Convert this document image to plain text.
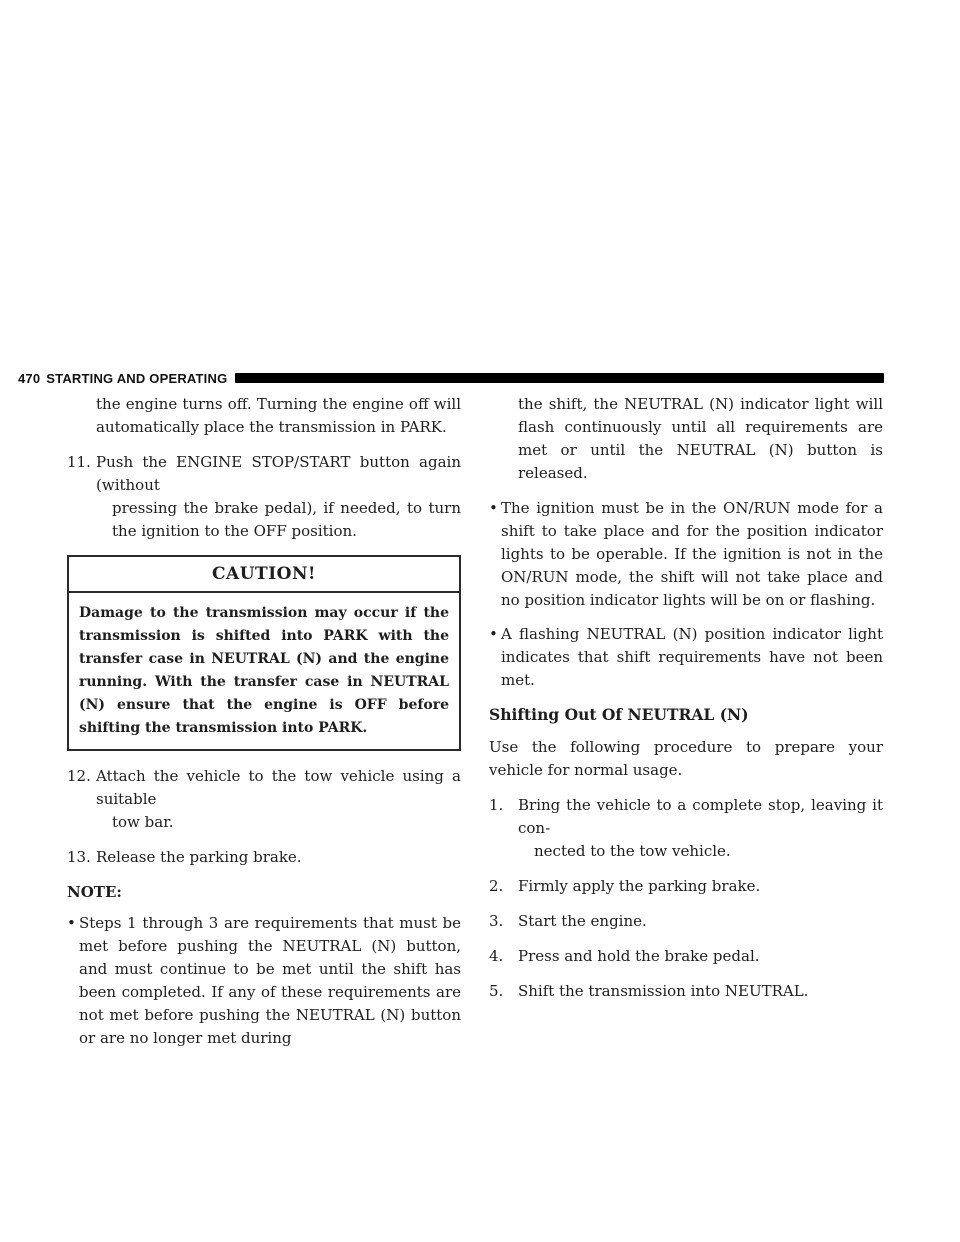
470 STARTING AND OPERATING
the engine turns off. Turning the engine off will automatically place the transmission in PARK.
11. Push the ENGINE STOP/START button again (without
pressing the brake pedal), if needed, to turn the ignition to the OFF position.
CAUTION!
Damage to the transmission may occur if the transmission is shifted into PARK with the transfer case in NEUTRAL (N) and the engine running. With the transfer case in NEUTRAL (N) ensure that the engine is OFF before shifting the transmission into PARK.
12. Attach the vehicle to the tow vehicle using a suitable
tow bar.
13. Release the parking brake.
NOTE:
• Steps 1 through 3 are requirements that must be met before pushing the NEUTRAL (N) button, and must continue to be met until the shift has been completed. If any of these requirements are not met before pushing the NEUTRAL (N) button or are no longer met during
the shift, the NEUTRAL (N) indicator light will flash continuously until all requirements are met or until the NEUTRAL (N) button is released.
• The ignition must be in the ON/RUN mode for a shift to take place and for the position indicator lights to be operable. If the ignition is not in the ON/RUN mode, the shift will not take place and no position indicator lights will be on or flashing.
• A flashing NEUTRAL (N) position indicator light indicates that shift requirements have not been met.
Shifting Out Of NEUTRAL (N)
Use the following procedure to prepare your vehicle for normal usage.
1. Bring the vehicle to a complete stop, leaving it con-
nected to the tow vehicle.
2. Firmly apply the parking brake.
3. Start the engine.
4. Press and hold the brake pedal.
5. Shift the transmission into NEUTRAL.
